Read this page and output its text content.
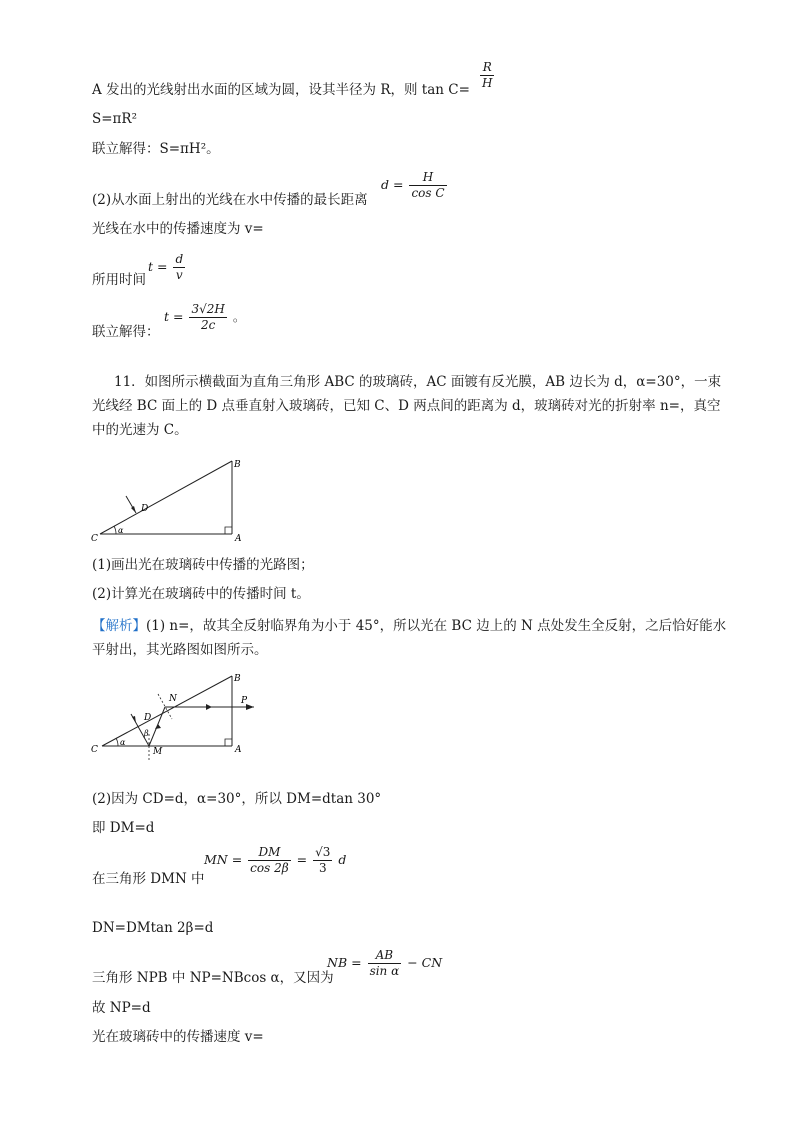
A 发出的光线射出水面的区域为圆，设其半径为 R，则 $\tan C= \frac{R}{H}$
S=πR²
联立解得：S=πH²。
(2)从水面上射出的光线在水中传播的最长距离
$d = \frac{H}{\text{cos C}}$
光线在水中的传播速度为 v=
所用时间
$t = \frac{d}{v}$
联立解得：
$t = \frac{3√2H}{2c}$ 。
11．如图所示横截面为直角三角形 ABC 的玻璃砖，AC 面镀有反光膜，AB 边长为 d，α=30°，一束光线经 BC 面上的 D 点垂直射入玻璃砖，已知 C、D 两点间的距离为 d，玻璃砖对光的折射率 n=，真空中的光速为 C。
B
C	A
D
α
(1)画出光在玻璃砖中传播的光路图；
(2)计算光在玻璃砖中的传播时间 t。
【解析】(1) n=，故其全反射临界角为小于 45°，所以光在 BC 边上的 N 点处发生全反射，之后恰好能水平射出，其光路图如图所示。
B
C	A
D
N
M
P
α
β
(2)因为 CD=d，α=30°，所以 DM=dtan 30°
即 DM=d
在三角形 DMN 中
MN = $\frac{DM}{\cos 2\beta} = \frac{√3}{3}$ d
DN=DMtan 2β=d
三角形 NPB 中 NP=NBcos α，又因为
NB = $\frac{AB}{\text{sin α}}$ − CN
故 NP=d
光在玻璃砖中的传播速度 v=
